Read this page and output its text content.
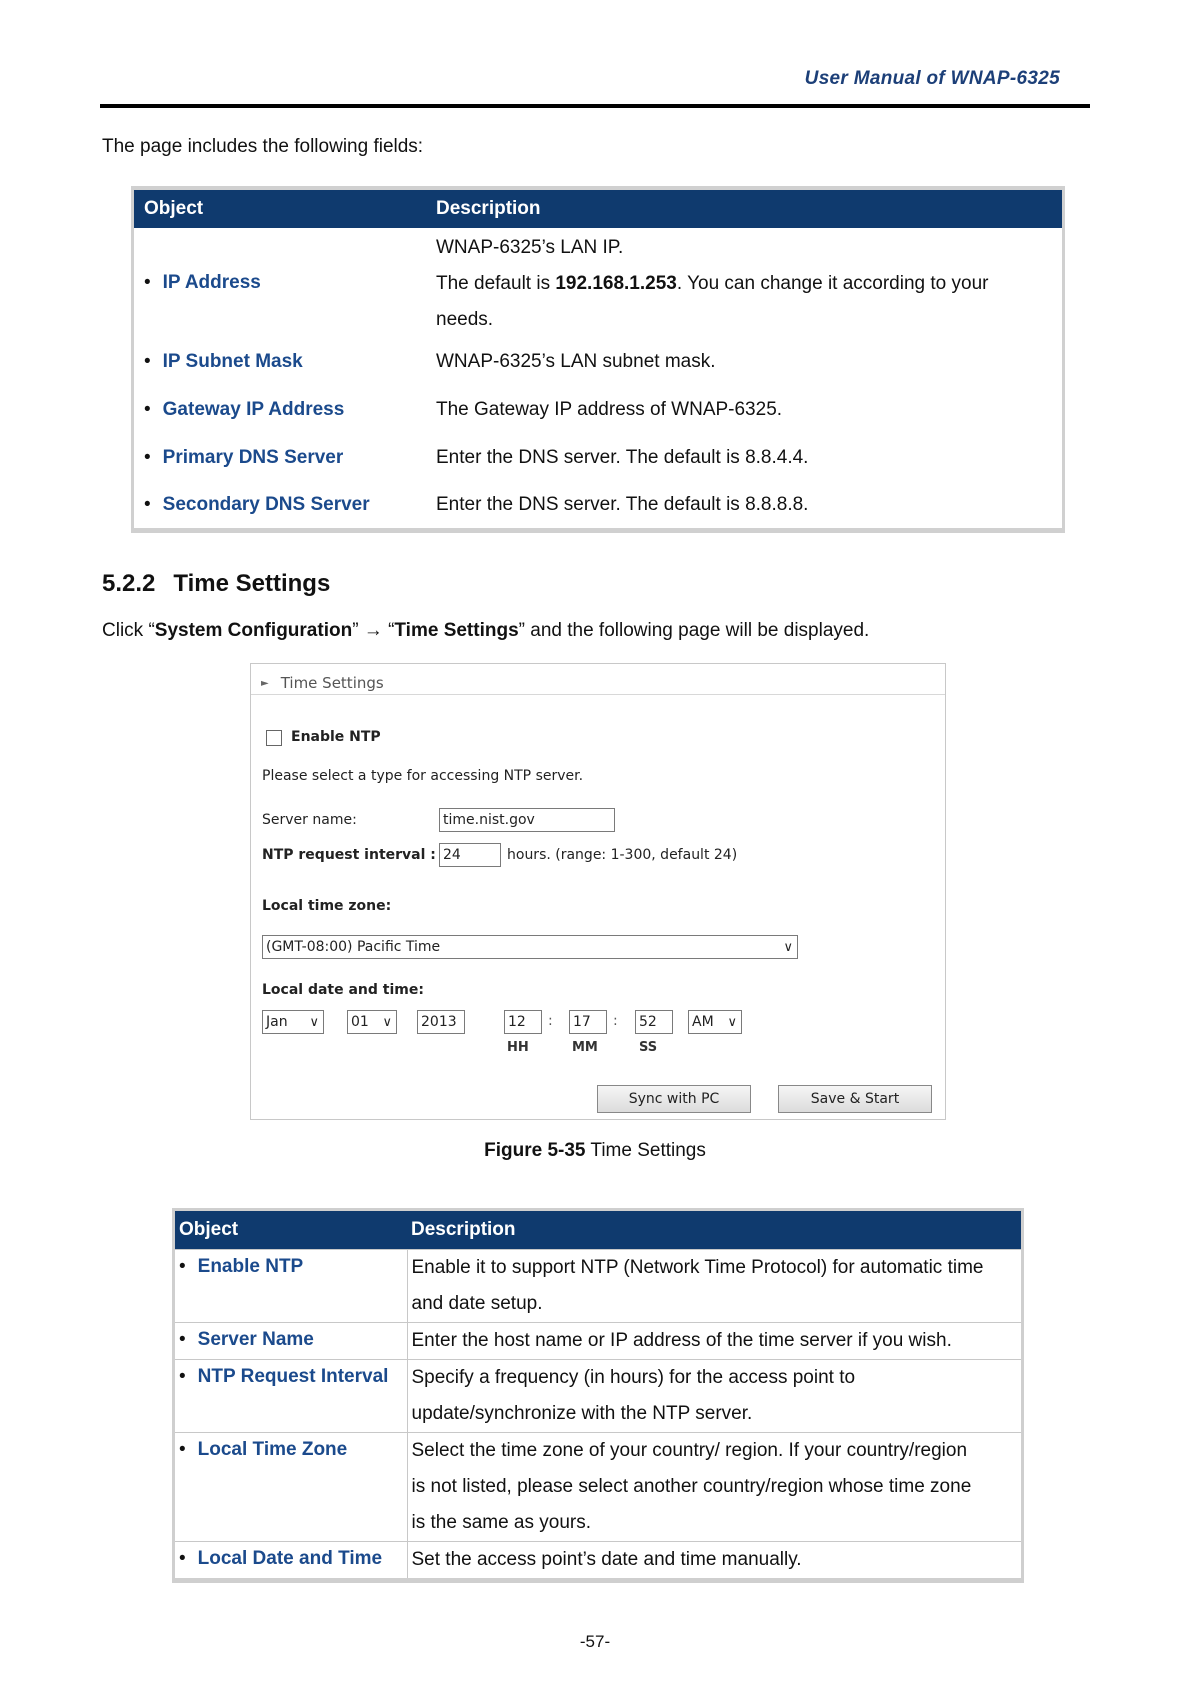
User Manual of WNAP-6325
The page includes the following fields:
Object	Description
• IP Address	WNAP-6325’s LAN IP.
The default is 192.168.1.253. You can change it according to your
needs.

• IP Subnet Mask	WNAP-6325’s LAN subnet mask.
• Gateway IP Address	The Gateway IP address of WNAP-6325.
• Primary DNS Server	Enter the DNS server. The default is 8.8.4.4.
• Secondary DNS Server	Enter the DNS server. The default is 8.8.8.8.
5.2.2 Time Settings
Click “System Configuration” → “Time Settings” and the following page will be displayed.
► Time Settings
Enable NTP
Please select a type for accessing NTP server.
Server name:	time.nist.gov
NTP request interval : 24	hours. (range: 1-300, default 24)
Local time zone:
(GMT-08:00) Pacific Time	∨
Local date and time:
Jan ∨ 01 ∨ 2013	12	: 17	: 52	AM ∨
HH	MM	SS
Sync with PC	Save & Start
Figure 5-35 Time Settings
Object	Description
• Enable NTP	Enable it to support NTP (Network Time Protocol) for automatic time
and date setup.

• Server Name	Enter the host name or IP address of the time server if you wish.

• NTP Request Interval	Specify a frequency (in hours) for the access point to
update/synchronize with the NTP server.

• Local Time Zone	Select the time zone of your country/ region. If your country/region
is not listed, please select another country/region whose time zone
is the same as yours.

• Local Date and Time	Set the access point’s date and time manually.
-57-
